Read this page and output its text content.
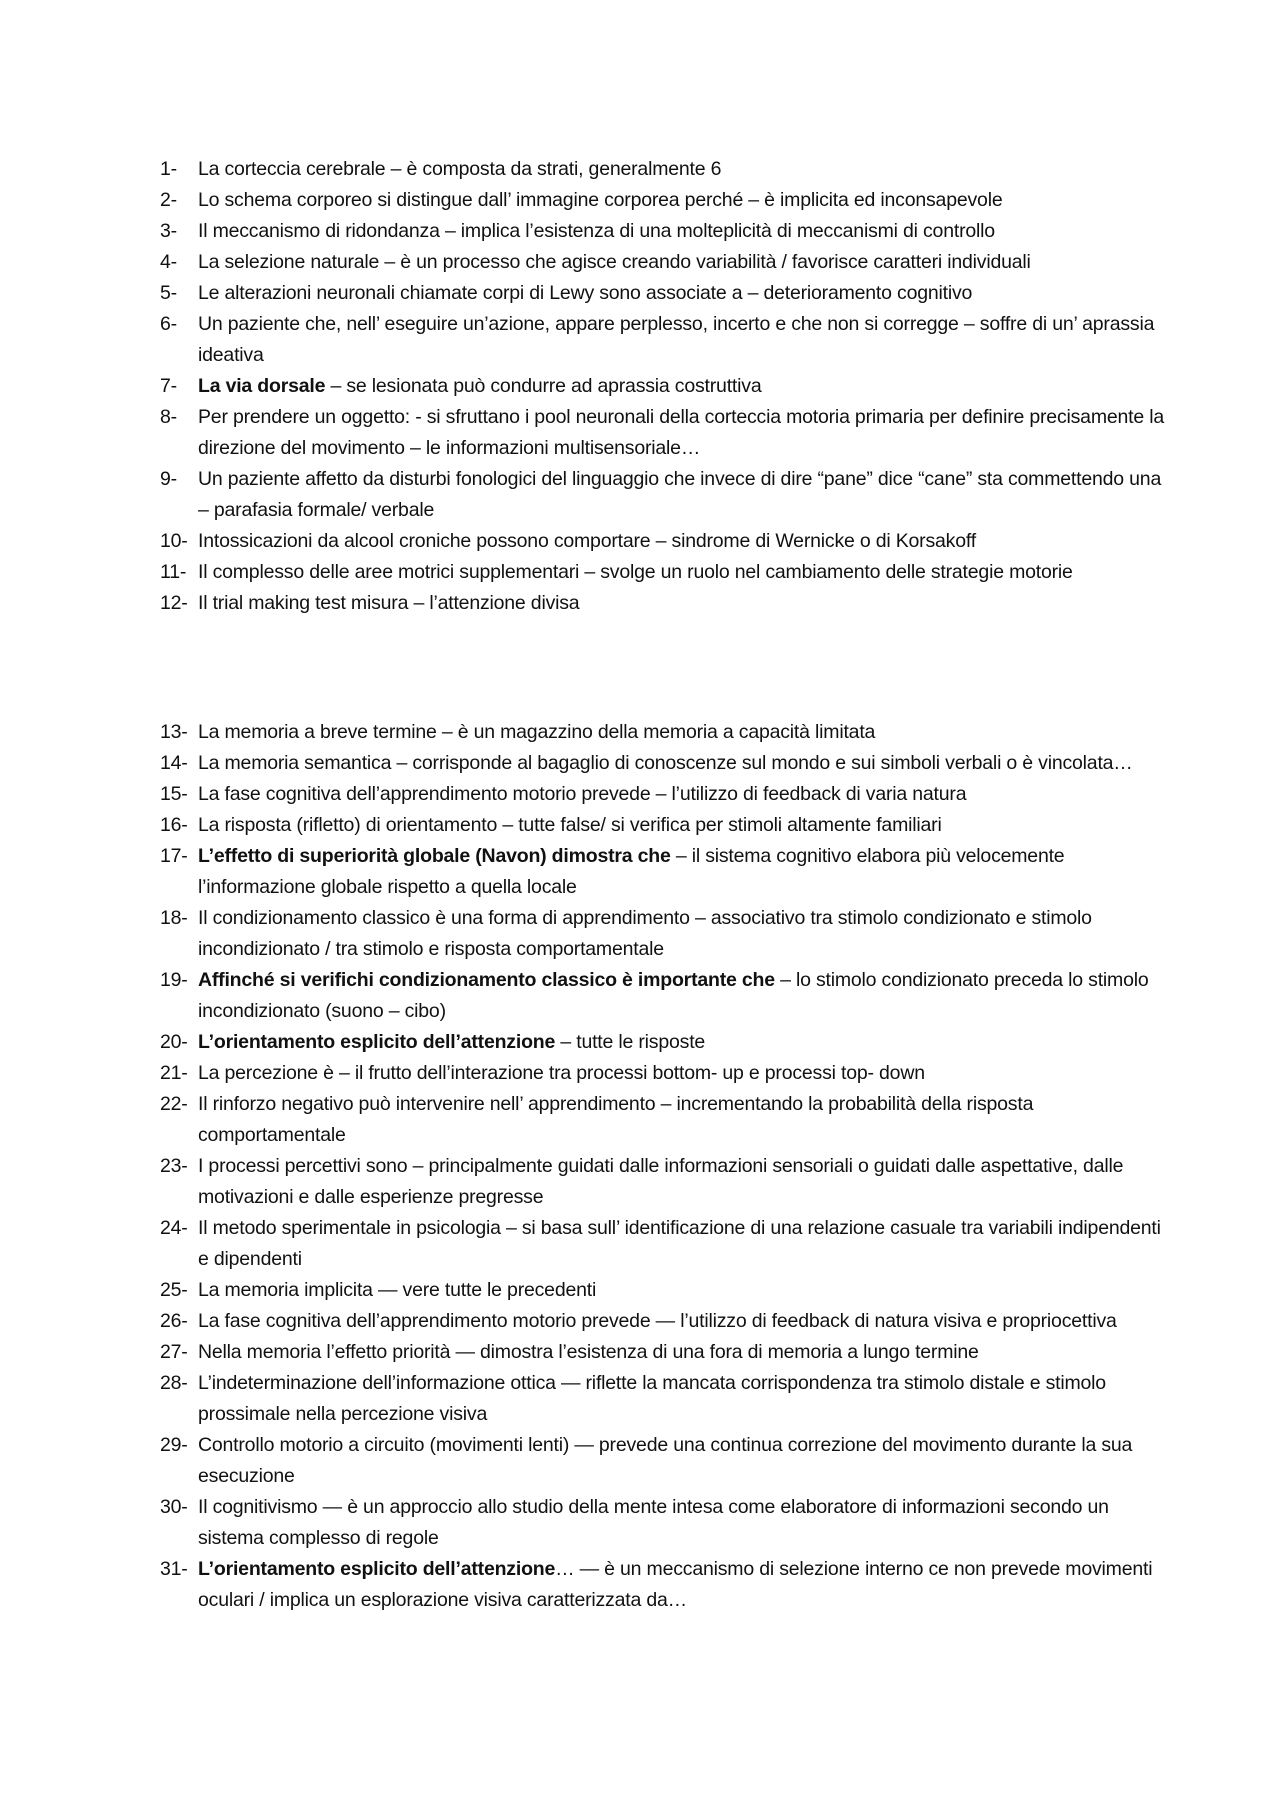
1-	La corteccia cerebrale – è composta da strati, generalmente 6
2-	Lo schema corporeo si distingue dall’ immagine corporea perché – è implicita ed inconsapevole
3-	Il meccanismo di ridondanza – implica l’esistenza di una molteplicità di meccanismi di controllo
4-	La selezione naturale – è un processo che agisce creando variabilità / favorisce caratteri individuali
5-	Le alterazioni neuronali chiamate corpi di Lewy sono associate a – deterioramento cognitivo
6-	Un paziente che, nell’ eseguire un’azione, appare perplesso, incerto e che non si corregge – soffre di un’ aprassia ideativa
7-	La via dorsale – se lesionata può condurre ad aprassia costruttiva
8-	Per prendere un oggetto: - si sfruttano i pool neuronali della corteccia motoria primaria per definire precisamente la direzione del movimento – le informazioni multisensoriale…
9-	Un paziente affetto da disturbi fonologici del linguaggio che invece di dire “pane” dice “cane” sta commettendo una – parafasia formale/ verbale
10- Intossicazioni da alcool croniche possono comportare – sindrome di Wernicke o di Korsakoff
11- Il complesso delle aree motrici supplementari – svolge un ruolo nel cambiamento delle strategie motorie
12- Il trial making test misura – l’attenzione divisa
13- La memoria a breve termine – è un magazzino della memoria a capacità limitata
14- La memoria semantica – corrisponde al bagaglio di conoscenze sul mondo e sui simboli verbali o è vincolata…
15- La fase cognitiva dell’apprendimento motorio prevede – l’utilizzo di feedback di varia natura
16- La risposta (riflettο) di orientamento – tutte false/ si verifica per stimoli altamente familiari
17- L’effetto di superiorità globale (Navon) dimostra che – il sistema cognitivo elabora più velocemente l’informazione globale rispetto a quella locale
18- Il condizionamento classico è una forma di apprendimento – associativo tra stimolo condizionato e stimolo incondizionato / tra stimolo e risposta comportamentale
19- Affinché si verifichi condizionamento classico è importante che – lo stimolo condizionato preceda lo stimolo incondizionato (suono – cibo)
20- L’orientamento esplicito dell’attenzione – tutte le risposte
21- La percezione è – il frutto dell’interazione tra processi bottom- up e processi top- down
22- Il rinforzo negativo può intervenire nell’ apprendimento – incrementando la probabilità della risposta comportamentale
23- I processi percettivi sono – principalmente guidati dalle informazioni sensoriali o guidati dalle aspettative, dalle motivazioni e dalle esperienze pregresse
24- Il metodo sperimentale in psicologia – si basa sull’ identificazione di una relazione casuale tra variabili indipendenti e dipendenti
25- La memoria implicita — vere tutte le precedenti
26- La fase cognitiva dell’apprendimento motorio prevede — l’utilizzo di feedback di natura visiva e propriocettiva
27- Nella memoria l’effetto priorità — dimostra l’esistenza di una fora di memoria a lungo termine
28- L’indeterminazione dell’informazione ottica — riflette la mancata corrispondenza tra stimolo distale e stimolo prossimale nella percezione visiva
29- Controllo motorio a circuito (movimenti lenti) — prevede una continua correzione del movimento durante la sua esecuzione
30- Il cognitivismo — è un approccio allo studio della mente intesa come elaboratore di informazioni secondo un sistema complesso di regole
31- L’orientamento esplicito dell’attenzione… — è un meccanismo di selezione interno ce non prevede movimenti oculari / implica un esplorazione visiva caratterizzata da…
